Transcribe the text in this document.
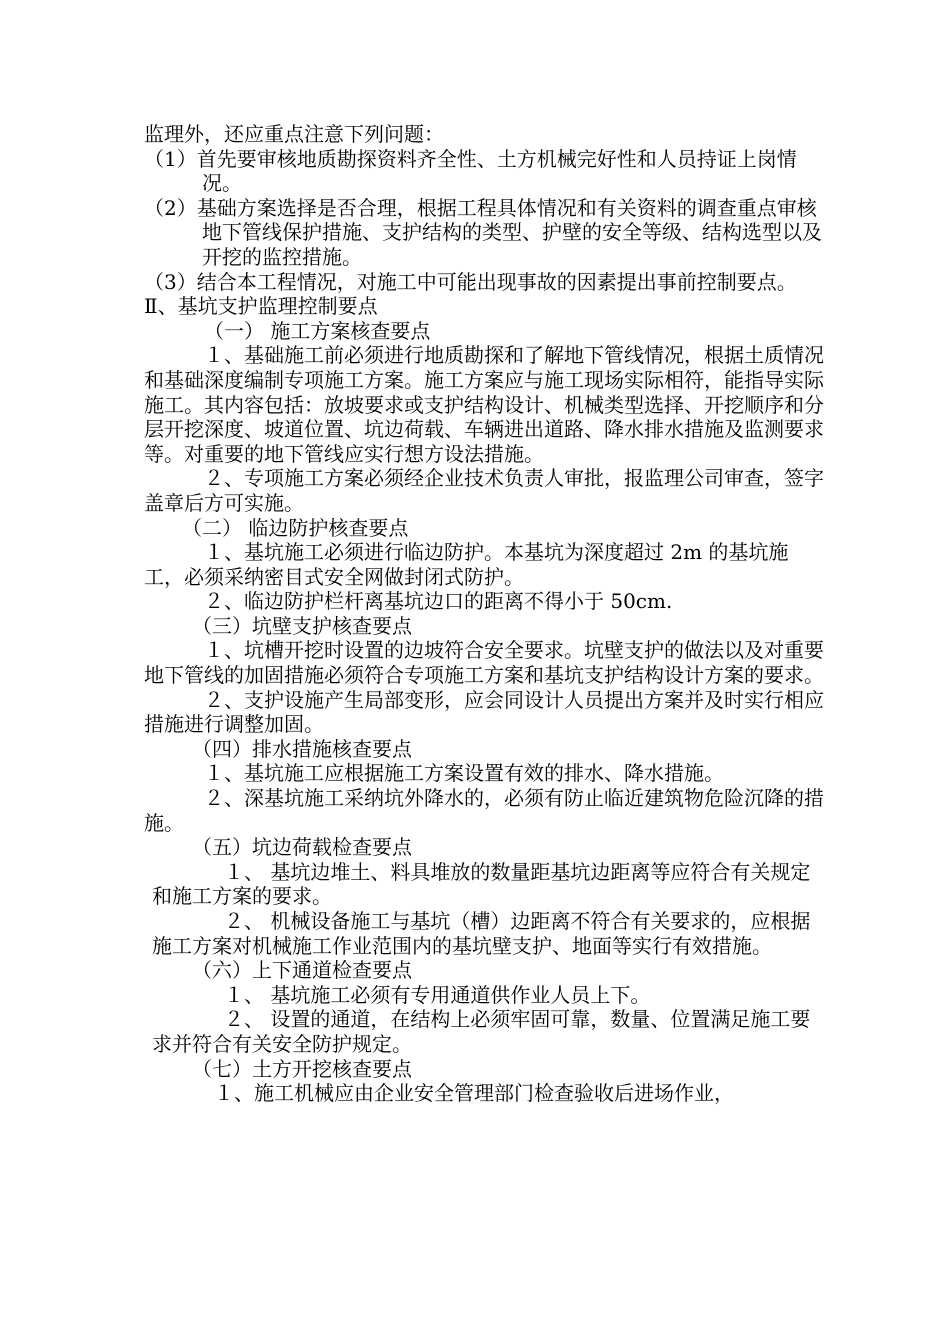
监理外，还应重点注意下列问题：

（1）首先要审核地质勘探资料齐全性、土方机械完好性和人员持证上岗情况。

（2）基础方案选择是否合理，根据工程具体情况和有关资料的调查重点审核地下管线保护措施、支护结构的类型、护壁的安全等级、结构选型以及开挖的监控措施。

（3）结合本工程情况，对施工中可能出现事故的因素提出事前控制要点。

Ⅱ、基坑支护监理控制要点

（一） 施工方案核查要点

１、基础施工前必须进行地质勘探和了解地下管线情况，根据土质情况和基础深度编制专项施工方案。施工方案应与施工现场实际相符，能指导实际施工。其内容包括：放坡要求或支护结构设计、机械类型选择、开挖顺序和分层开挖深度、坡道位置、坑边荷载、车辆进出道路、降水排水措施及监测要求等。对重要的地下管线应实行想方设法措施。

２、专项施工方案必须经企业技术负责人审批，报监理公司审查，签字盖章后方可实施。

（二） 临边防护核查要点

１、基坑施工必须进行临边防护。本基坑为深度超过 2m 的基坑施工，必须采纳密目式安全网做封闭式防护。

２、临边防护栏杆离基坑边口的距离不得小于 50cm.

（三）坑壁支护核查要点

１、坑槽开挖时设置的边坡符合安全要求。坑壁支护的做法以及对重要地下管线的加固措施必须符合专项施工方案和基坑支护结构设计方案的要求。

２、支护设施产生局部变形，应会同设计人员提出方案并及时实行相应措施进行调整加固。

（四）排水措施核查要点

１、基坑施工应根据施工方案设置有效的排水、降水措施。

２、深基坑施工采纳坑外降水的，必须有防止临近建筑物危险沉降的措施。

（五）坑边荷载检查要点

１、 基坑边堆土、料具堆放的数量距基坑边距离等应符合有关规定和施工方案的要求。

２、 机械设备施工与基坑（槽）边距离不符合有关要求的，应根据施工方案对机械施工作业范围内的基坑壁支护、地面等实行有效措施。

（六）上下通道检查要点

１、 基坑施工必须有专用通道供作业人员上下。

２、 设置的通道，在结构上必须牢固可靠，数量、位置满足施工要求并符合有关安全防护规定。

（七）土方开挖核查要点

１、施工机械应由企业安全管理部门检查验收后进场作业，
